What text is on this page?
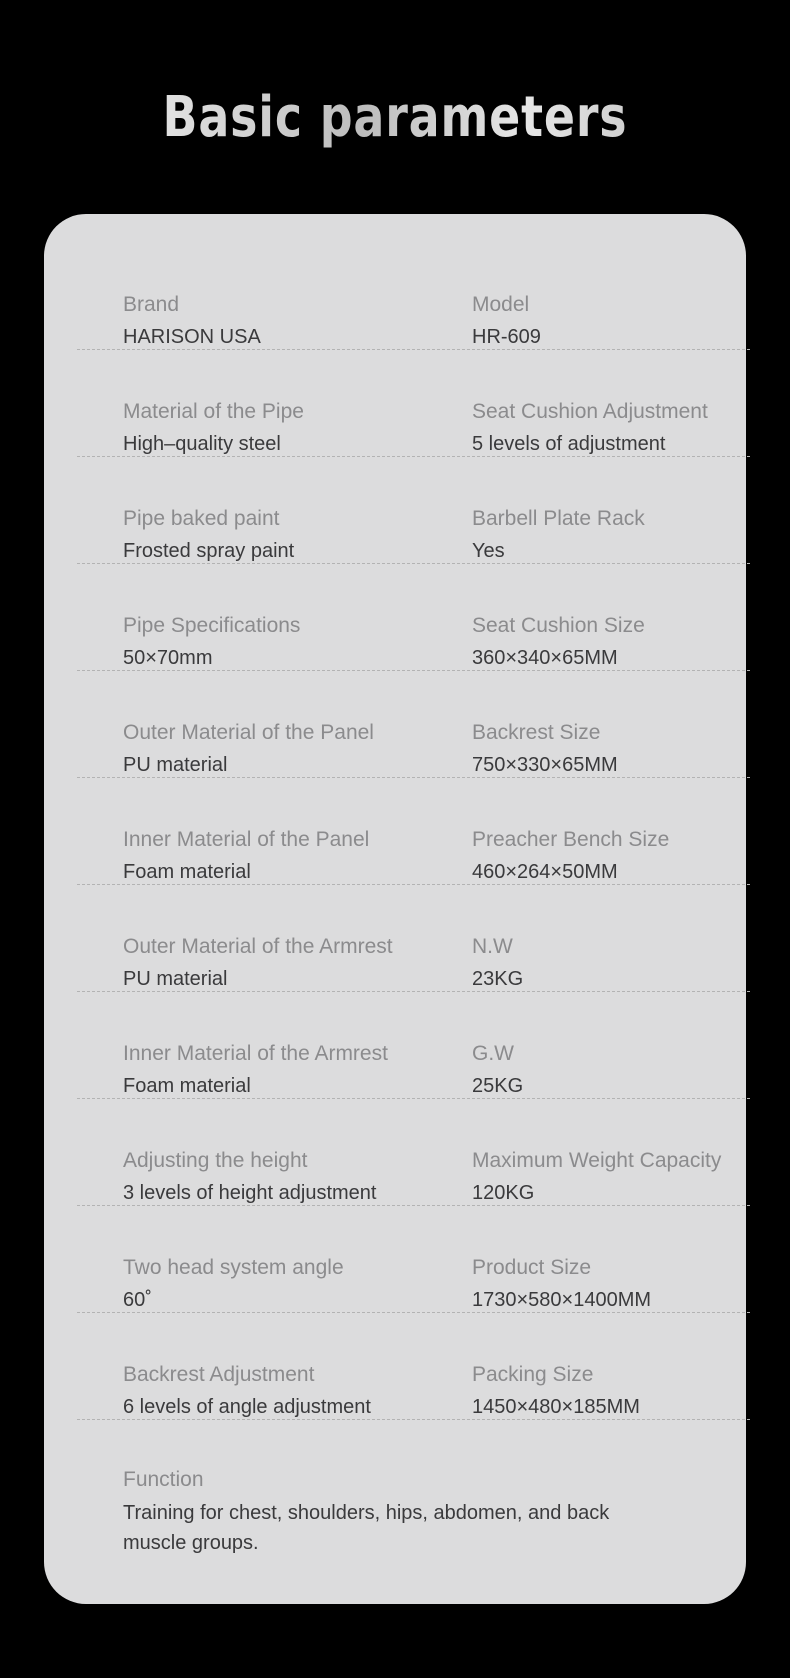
Basic parameters
Brand
HARISON USA
Model
HR-609
Material of the Pipe
High–quality steel
Seat Cushion Adjustment
5 levels of adjustment
Pipe baked paint
Frosted spray paint
Barbell Plate Rack
Yes
Pipe Specifications
50×70mm
Seat Cushion Size
360×340×65MM
Outer Material of the Panel
PU material
Backrest Size
750×330×65MM
Inner Material of the Panel
Foam material
Preacher Bench Size
460×264×50MM
Outer Material of the Armrest
PU material
N.W
23KG
Inner Material of the Armrest
Foam material
G.W
25KG
Adjusting the height
3 levels of height adjustment
Maximum Weight Capacity
120KG
Two head system angle
60˚
Product Size
1730×580×1400MM
Backrest Adjustment
6 levels of angle adjustment
Packing Size
1450×480×185MM
Function
Training for chest, shoulders, hips, abdomen, and back muscle groups.
